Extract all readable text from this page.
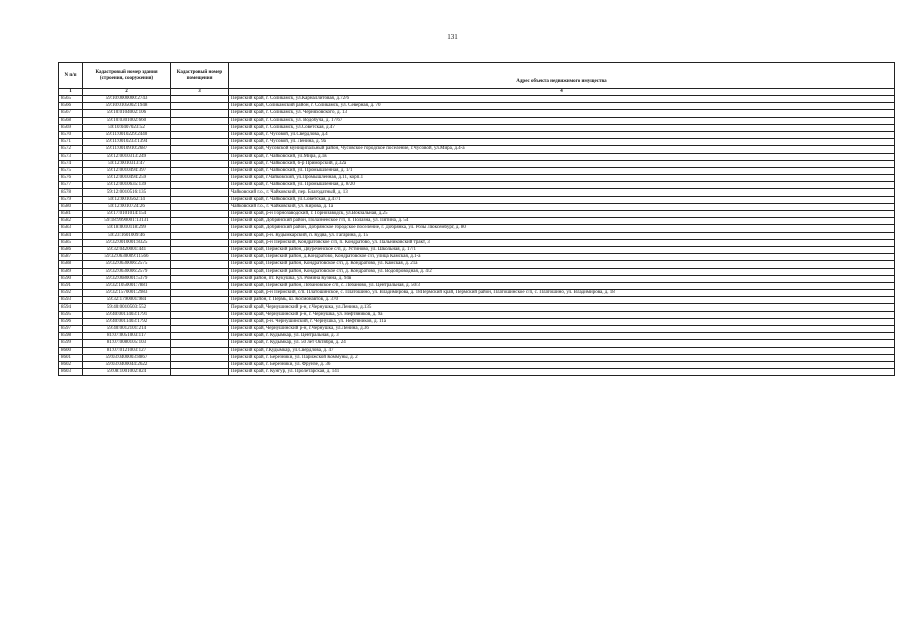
131
N п/п	Кадастровый номер здания (строения, сооружения)	Кадастровый номер помещения	Адрес объекта недвижимого имущества
1	2	3	4
8565	59:10:0000000:2743		Пермский край, г. Соликамск, ул.Карналлитовая, д.72/6
8566	59:10:0105002:1948		Пермский край, Соликамский район, г. Соликамск, ул. Северная, д. 70
8567	59:10:0104002:106		Пермский край, г. Соликамск, ул. Черняховского, д. 13
8568	59:10:0301002:660		Пермский край, г. Соликамск, ул. Водобуча, д. 17/67
8569	59:10:0407023:52		Пермский край, г. Соликамск, ул.Советская, д.47
8570	59:11:0010229:2440		Пермский край, г. Чусовой, ул.Свердлова, д.4
8571	59:11:0010233:1394		Пермский край, г. Чусовой, ул. Ленина, д. 9а
8572	59:11:0010910:2687		Пермский край, Чусовской муниципальный район, Чусовское городское поселение, г.Чусовой, ул.Мира, д.4-а
8573	59:12:0010313:249		Пермский край, г. Чайковский, ул.Мира, д.1в
8574	59:12:0010313:47		Пермский край, г. Чайковский, б-р Приморский, д.32а
8575	59:12:0010494:397		Пермский край, г. Чайковский, ул. Промышленная, д. 1/1
8576	59:12:0010494:259		Пермский край, г.Чайковский, ул.Промышленная, д.11, корп.1
8577	59:12:0010635:139		Пермский край, г. Чайковский, ул. Промышленная, д. 8/20
8578	59:12:0010516:135		Чайковский г.о., г. Чайковский, пер. Благодатный, д. 13
8579	59:12:0010562:14		Пермский край, г. Чайковский, ул.Советская, д.47/1
8580	59:12:0010724:26		Чайковский г.о., г. Чайковский, ул. Кирова, д. 1а
8581	59:17:0101014:154		Пермский край, р-н Горнозаводский, г. Горнозаводск, ул.Вокзальная, д.25
8582	59:18:9990001:13131		Пермский край, Добрянский район, Полазненское г/п, п. Полазна, ул. Пятина, д. 54
8583	59:18:0010118:299		Пермский край, Добрянский район, Добрянское городское поселение, г. Добрянка, ул. Розы Люксембург, д. 80
8584	59:23:1601009:46		Пермский край, р-н. Кудымкарский, п. Кудва, ул. Гагарина, д. 15
8585	59:32:0010001:8325		Пермский край, р-н Пермский, Кондратовское с/п, п. Кондратово, ул. Пальниковский тракт, 3
8586	59:32:0420001:441		Пермский край, Пермский район, Двуреченское с/п, д. Устиново, ул. Школьная, д. 17/1
8587	59:32:0630009:11566		Пермский край, Пермский район, д.Кондратово, Кондратовское с/п, улица Камская, д.1-а
8588	59:32:0630006:2575		Пермский край, Пермский район, Кондратовское с/п, д. Кондратово, ул. Камская, д. 21а
8589	59:32:0630006:2579		Пермский край, Пермский район, Кондратовское с/п, д. Кондратово, ул. Водопроводная, д. 4/2
8590	59:32:0680001:5379		Пермский район, пт. Кукушка, ул. Ромина Кузина, д. 94в
8591	59:32:1050001:7881		Пермский край, Пермский район, Лобановское с/п, с. Лобаново, ул. Центральная, д. 50/3
8592	59:32:1570001:2983		Пермский край, р-н Пермский, с/п. Платошинское, с. Платошино, ул. Владимирова, д. 18Пермский край, Пермский район, Платошинское с/п, с. Платошино, ул. Владимирова, д. 18
8593	59:32:1790001:984		Пермский район, г. Пермь, ш. Космонавтов, д. 370
8594	59:40:0010503:552		Пермский край, Чернушинский р-н, г.Чернушка, ул.Ленина, д.135
8595	59:40:0011403:1791		Пермский край, Чернушинский р-н, г. Чернушка, ул. Нефтяников, д. 9а
8596	59:40:0011403:1792		Пермский край, р-н. Чернушинский, г. Чернушка, ул. Нефтяников, д. 11а
8597	59:40:0012101:214		Пермский край, Чернушинский р-н, г.Чернушка, ул.Ленина, д.36
8598	81:07:0051003:117		Пермский край, г. Кудымкар, ул. Центральная, д. 3
8599	81:07:0080105:103		Пермский край, г. Кудымкар, ул. 50 лет Октября, д. 24
8600	81:07:0121003:127		Пермский край, г.Кудымкар, ул.Свердлова, д. 47
8601	59:03:0400003:8867		Пермский край, г. Березники, ул. Парижской Коммуны, д. 2
8602	59:03:0400044:2622		Пермский край, г. Березники, ул. Фрунзе, д. 36
8603	59:08:1001002:824		Пермский край, г. Кунгур, ул. Пролетарская, д. 141
